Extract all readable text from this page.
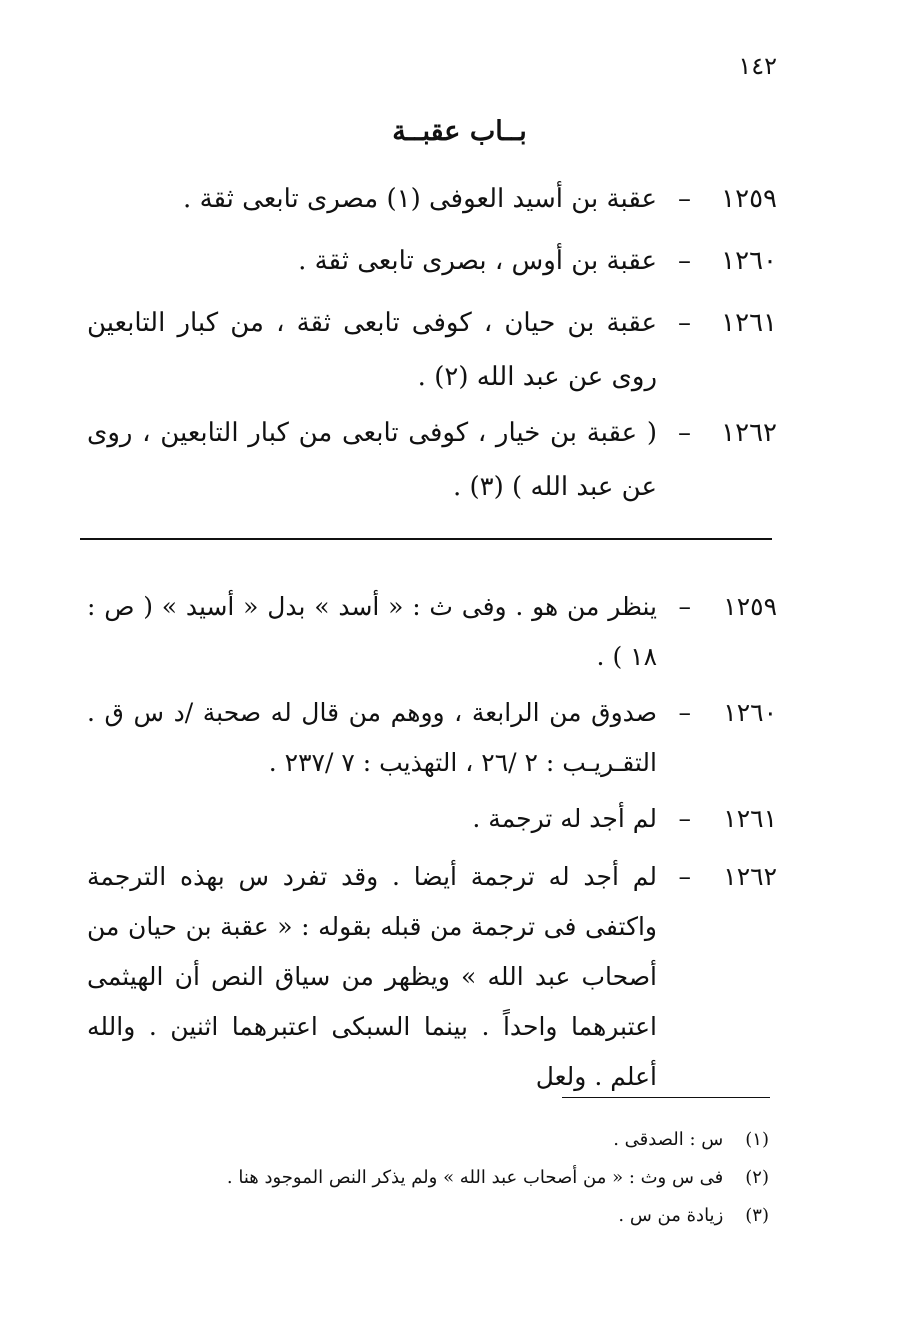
١٤٢
بــاب عقبــة
١٢٥٩
–
عقبة بن أسيد العوفى (١) مصرى تابعى ثقة .
١٢٦٠
–
عقبة بن أوس ، بصرى تابعى ثقة .
١٢٦١
–
عقبة بن حيان ، كوفى تابعى ثقة ، من كبار التابعين روى عن عبد الله (٢) .
١٢٦٢
–
( عقبة بن خيار ، كوفى تابعى من كبار التابعين ، روى عن عبد الله ) (٣) .
١٢٥٩
–
ينظر من هو . وفى ث : « أسد » بدل « أسيد » ( ص : ١٨ ) .
١٢٦٠
–
صدوق من الرابعة ، ووهم من قال له صحبة /د س ق . التقـريـب : ٢ /٢٦ ، التهذيب : ٧ /٢٣٧ .
١٢٦١
–
لم أجد له ترجمة .
١٢٦٢
–
لم أجد له ترجمة أيضا . وقد تفرد س بهذه الترجمة واكتفى فى ترجمة من قبله بقوله : « عقبة بن حيان من أصحاب عبد الله » ويظهر من سياق النص أن الهيثمى اعتبرهما واحداً . بينما السبكى اعتبرهما اثنين . والله أعلم . ولعل
(١) س : الصدقى .
(٢) فى س وث : « من أصحاب عبد الله » ولم يذكر النص الموجود هنا .
(٣) زيادة من س .
